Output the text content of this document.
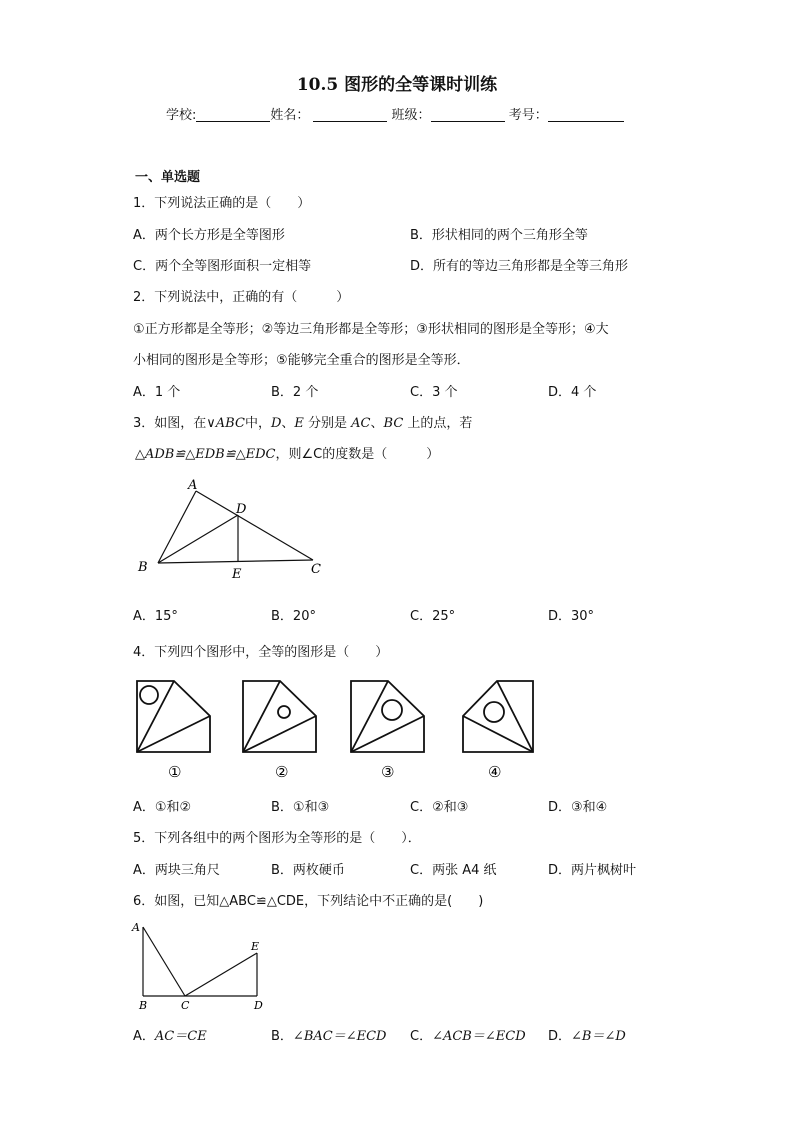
10.5 图形的全等课时训练
学校:	姓名：	班级：	考号：
一、单选题
1．下列说法正确的是（　　）
A．两个长方形是全等图形	B．形状相同的两个三角形全等
C．两个全等图形面积一定相等	D．所有的等边三角形都是全等三角形
2．下列说法中，正确的有（　　　）
①正方形都是全等形；②等边三角形都是全等形；③形状相同的图形是全等形；④大
小相同的图形是全等形；⑤能够完全重合的图形是全等形．
A．1 个	B．2 个	C．3 个	D．4 个
3．如图，在∨ABC中，D、E 分别是 AC、BC 上的点，若
△ADB≌△EDB≌△EDC，则∠C的度数是（　　　）
A
B	C
D
E
A．15°	B．20°	C．25°	D．30°
4．下列四个图形中，全等的图形是（　　）
①	②	③	④
A．①和②	B．①和③	C．②和③	D．③和④
5．下列各组中的两个图形为全等形的是（　　）．
A．两块三角尺	B．两枚硬币	C．两张 A4 纸	D．两片枫树叶
6．如图，已知△ABC≌△CDE，下列结论中不正确的是(　　)
A
B	C	D
E
A．AC＝CE	B．∠BAC＝∠ECD C．∠ACB＝∠ECD D．∠B＝∠D
